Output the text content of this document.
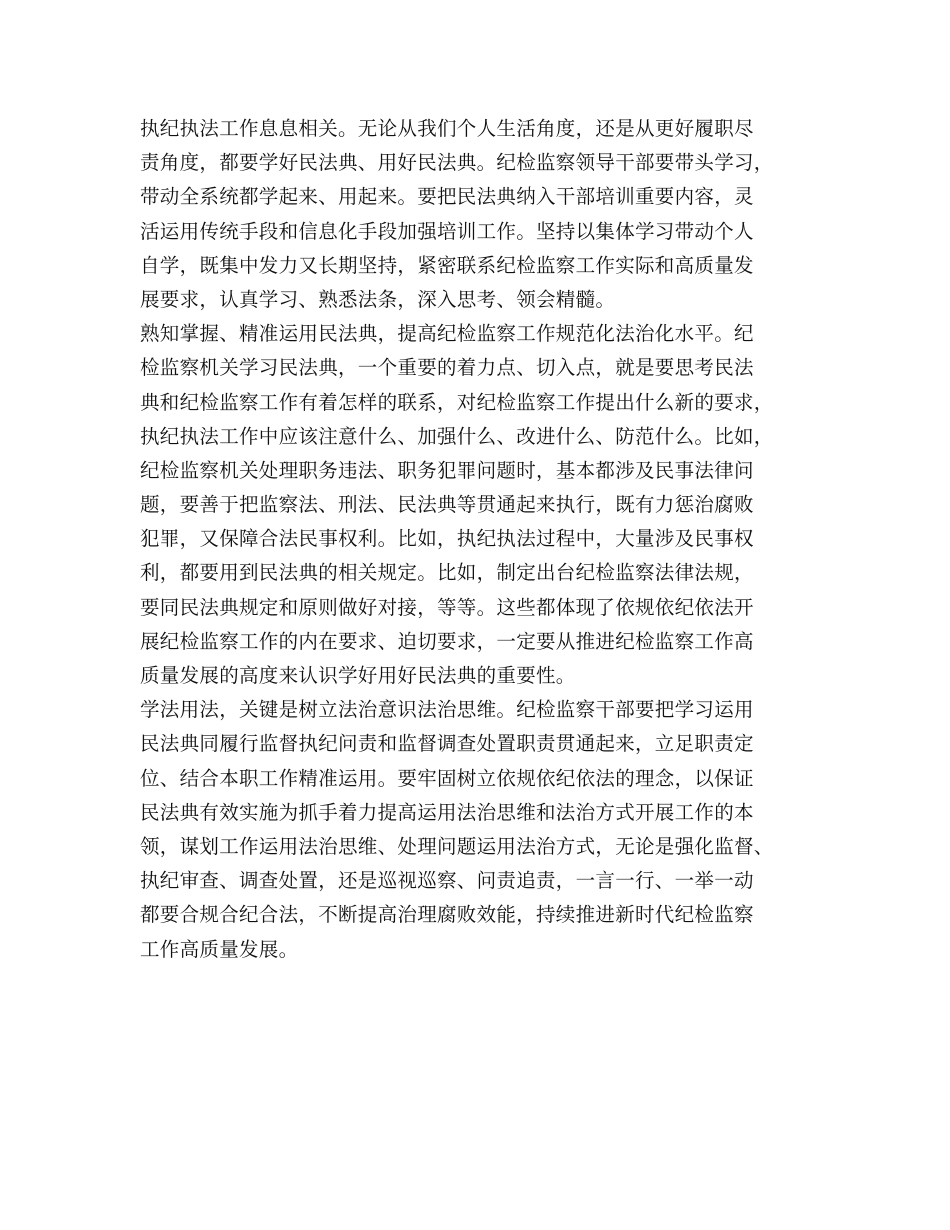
执纪执法工作息息相关。无论从我们个人生活角度，还是从更好履职尽
责角度，都要学好民法典、用好民法典。纪检监察领导干部要带头学习，
带动全系统都学起来、用起来。要把民法典纳入干部培训重要内容，灵
活运用传统手段和信息化手段加强培训工作。坚持以集体学习带动个人
自学，既集中发力又长期坚持，紧密联系纪检监察工作实际和高质量发
展要求，认真学习、熟悉法条，深入思考、领会精髓。
熟知掌握、精准运用民法典，提高纪检监察工作规范化法治化水平。纪
检监察机关学习民法典，一个重要的着力点、切入点，就是要思考民法
典和纪检监察工作有着怎样的联系，对纪检监察工作提出什么新的要求，
执纪执法工作中应该注意什么、加强什么、改进什么、防范什么。比如，
纪检监察机关处理职务违法、职务犯罪问题时，基本都涉及民事法律问
题，要善于把监察法、刑法、民法典等贯通起来执行，既有力惩治腐败
犯罪，又保障合法民事权利。比如，执纪执法过程中，大量涉及民事权
利，都要用到民法典的相关规定。比如，制定出台纪检监察法律法规，
要同民法典规定和原则做好对接，等等。这些都体现了依规依纪依法开
展纪检监察工作的内在要求、迫切要求，一定要从推进纪检监察工作高
质量发展的高度来认识学好用好民法典的重要性。
学法用法，关键是树立法治意识法治思维。纪检监察干部要把学习运用
民法典同履行监督执纪问责和监督调查处置职责贯通起来，立足职责定
位、结合本职工作精准运用。要牢固树立依规依纪依法的理念，以保证
民法典有效实施为抓手着力提高运用法治思维和法治方式开展工作的本
领，谋划工作运用法治思维、处理问题运用法治方式，无论是强化监督、
执纪审查、调查处置，还是巡视巡察、问责追责，一言一行、一举一动
都要合规合纪合法，不断提高治理腐败效能，持续推进新时代纪检监察
工作高质量发展。
